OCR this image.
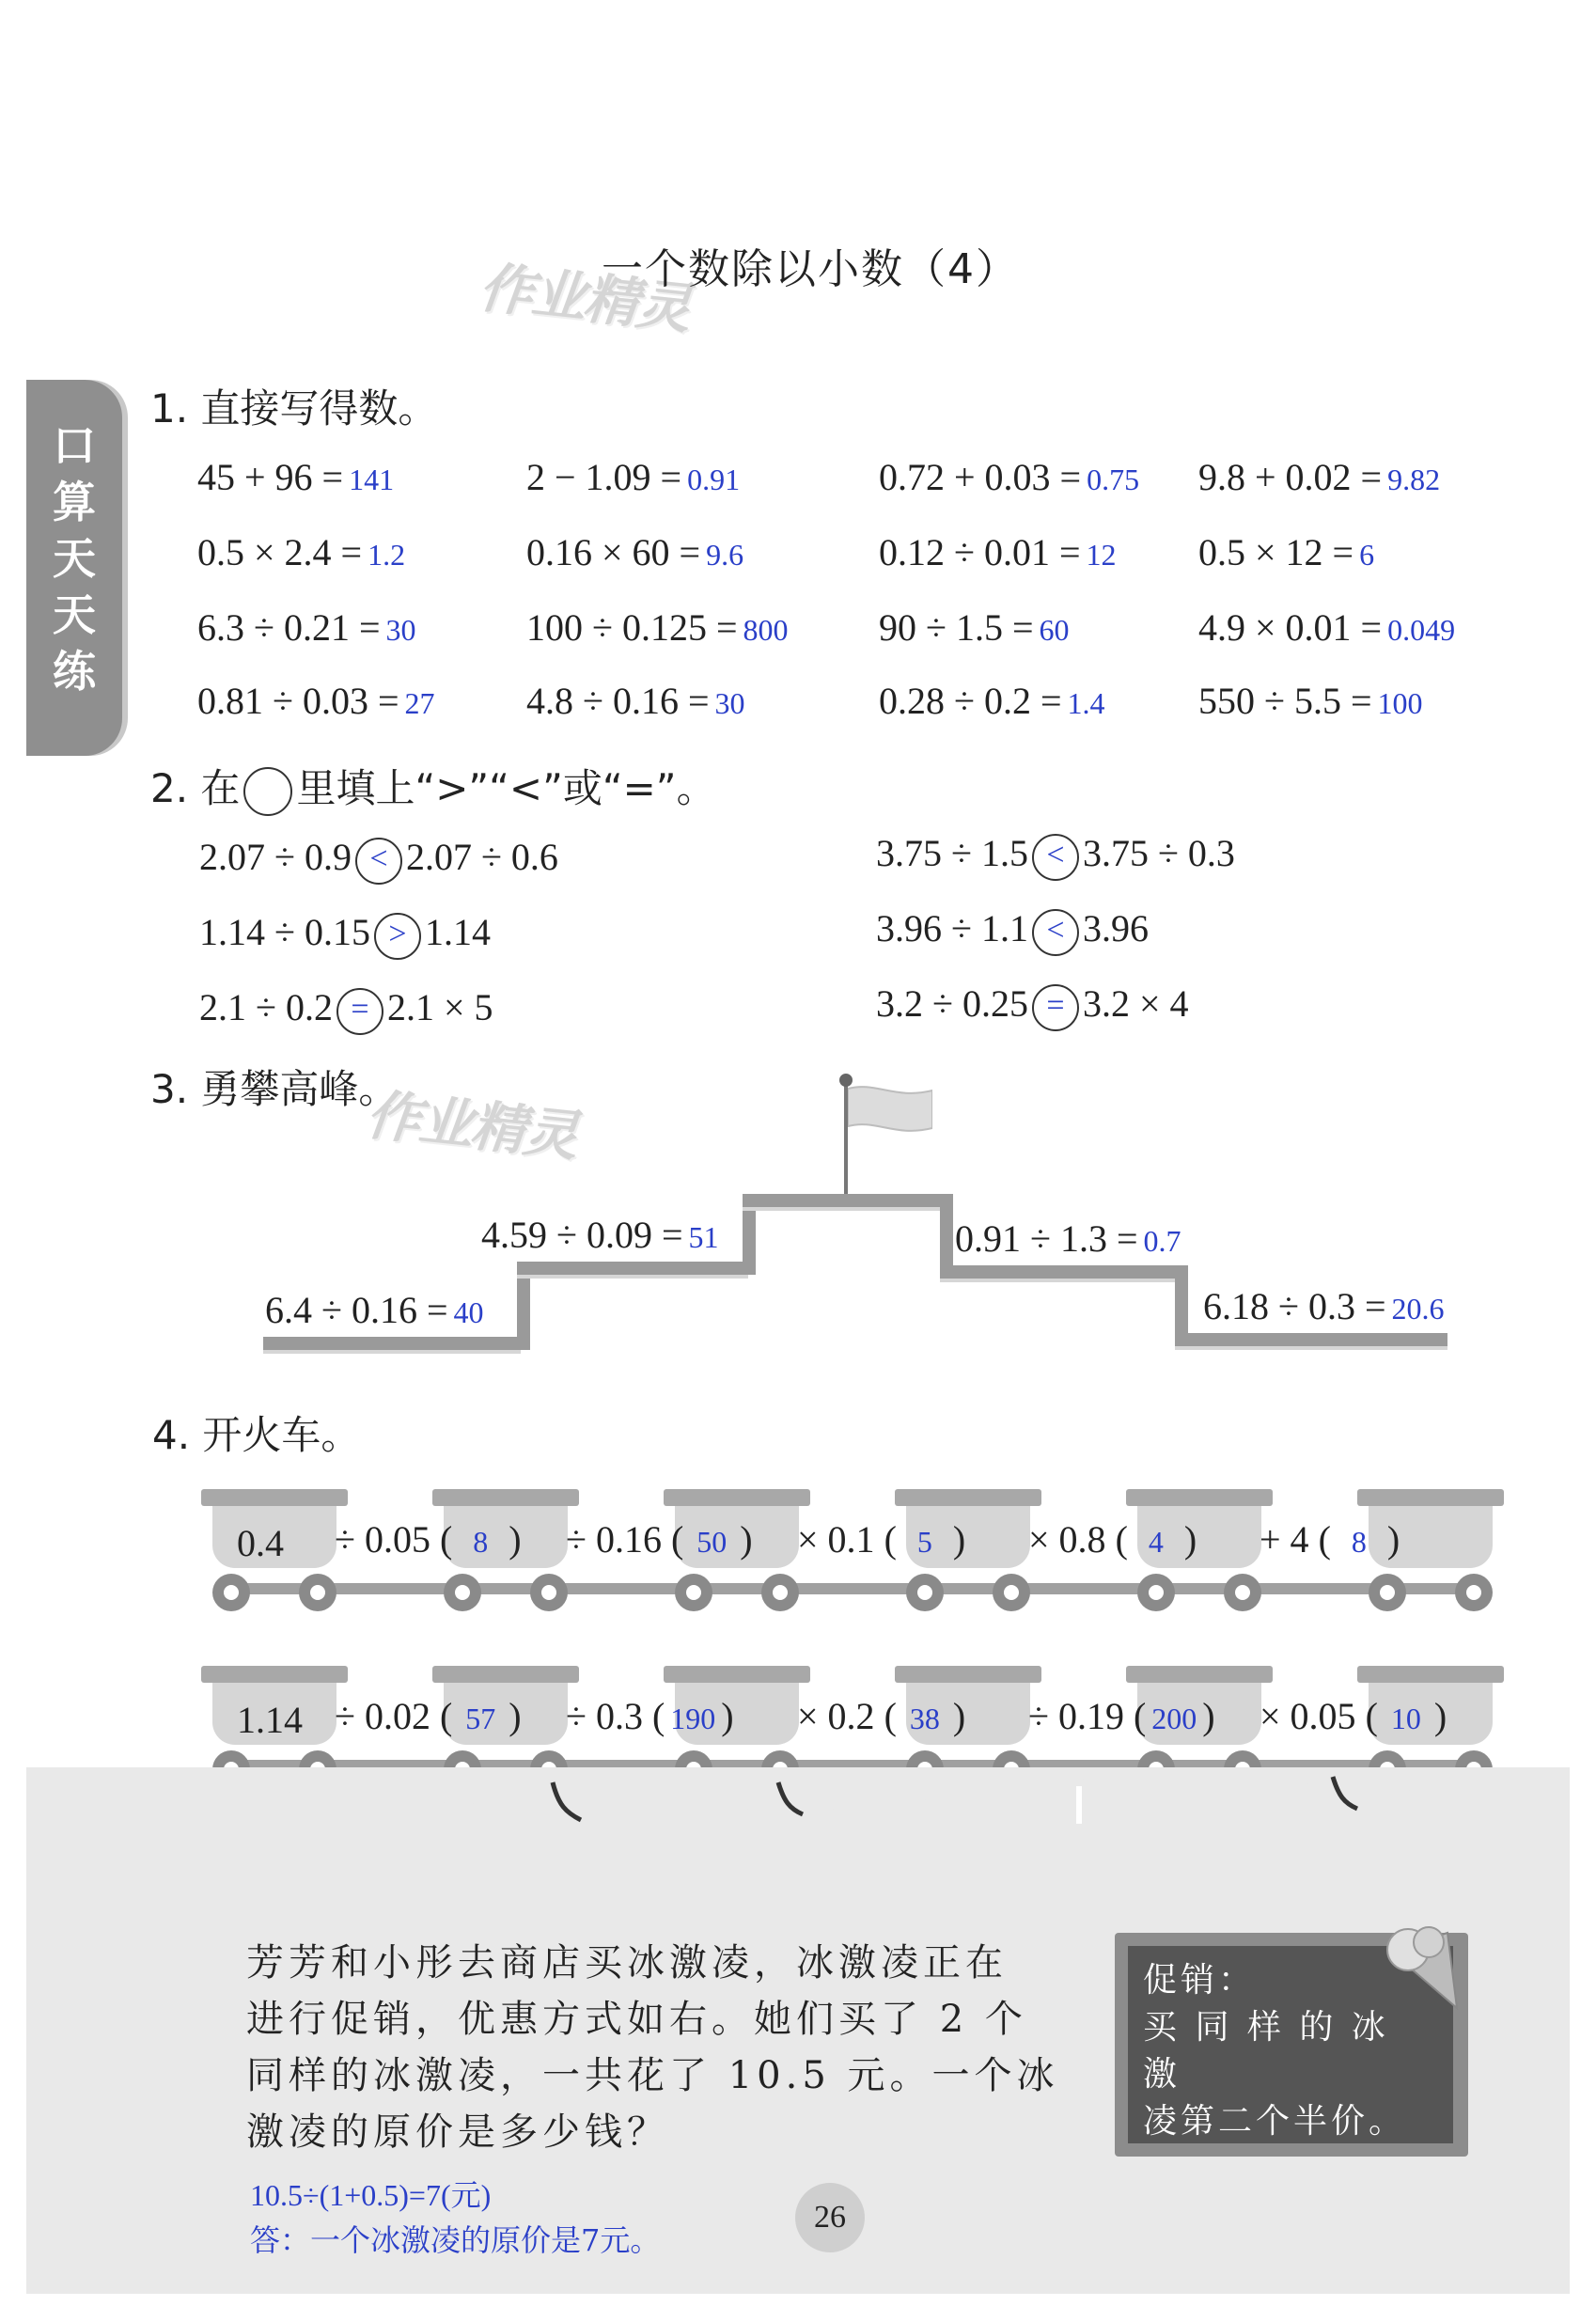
作业精灵
作业精灵
一个数除以小数（4）
口
算
天
天
练
1. 直接写得数。
45 + 96 = 141	2 − 1.09 = 0.91	0.72 + 0.03 = 0.75 9.8 + 0.02 = 9.82
0.5 × 2.4 = 1.2	0.16 × 60 = 9.6	0.12 ÷ 0.01 = 12 0.5 × 12 = 6
6.3 ÷ 0.21 = 30	100 ÷ 0.125 = 800 90 ÷ 1.5 = 60	4.9 × 0.01 = 0.049
0.81 ÷ 0.03 = 27 4.8 ÷ 0.16 = 30	0.28 ÷ 0.2 = 1.4 550 ÷ 5.5 = 100
2. 在 里填上“>”“<”或“=”。
2.07 ÷ 0.9 < 2.07 ÷ 0.6	3.75 ÷ 1.5 < 3.75 ÷ 0.3
1.14 ÷ 0.15 > 1.14	3.96 ÷ 1.1 < 3.96
2.1 ÷ 0.2 = 2.1 × 5	3.2 ÷ 0.25 = 3.2 × 4
3. 勇攀高峰。
6.4 ÷ 0.16 = 40
4.59 ÷ 0.09 = 51	0.91 ÷ 1.3 = 0.7
6.18 ÷ 0.3 = 20.6
4. 开火车。
0.4 ÷ 0.05 ( 8 ) ÷ 0.16 ( 50 ) × 0.1 ( 5 ) × 0.8 ( 4 ) + 4 ( 8 )
1.14 ÷ 0.02 ( 57 ) ÷ 0.3 ( 190 ) × 0.2 ( 38 ) ÷ 0.19 ( 200 ) × 0.05 ( 10 )
芳芳和小彤去商店买冰激凌，冰激凌正在
进行促销，优惠方式如右。她们买了 2 个
同样的冰激凌，一共花了 10.5 元。一个冰
激凌的原价是多少钱？
10.5÷(1+0.5)=7(元)
答：一个冰激凌的原价是7元。
促销：
买 同 样 的 冰 激
凌第二个半价。
26
